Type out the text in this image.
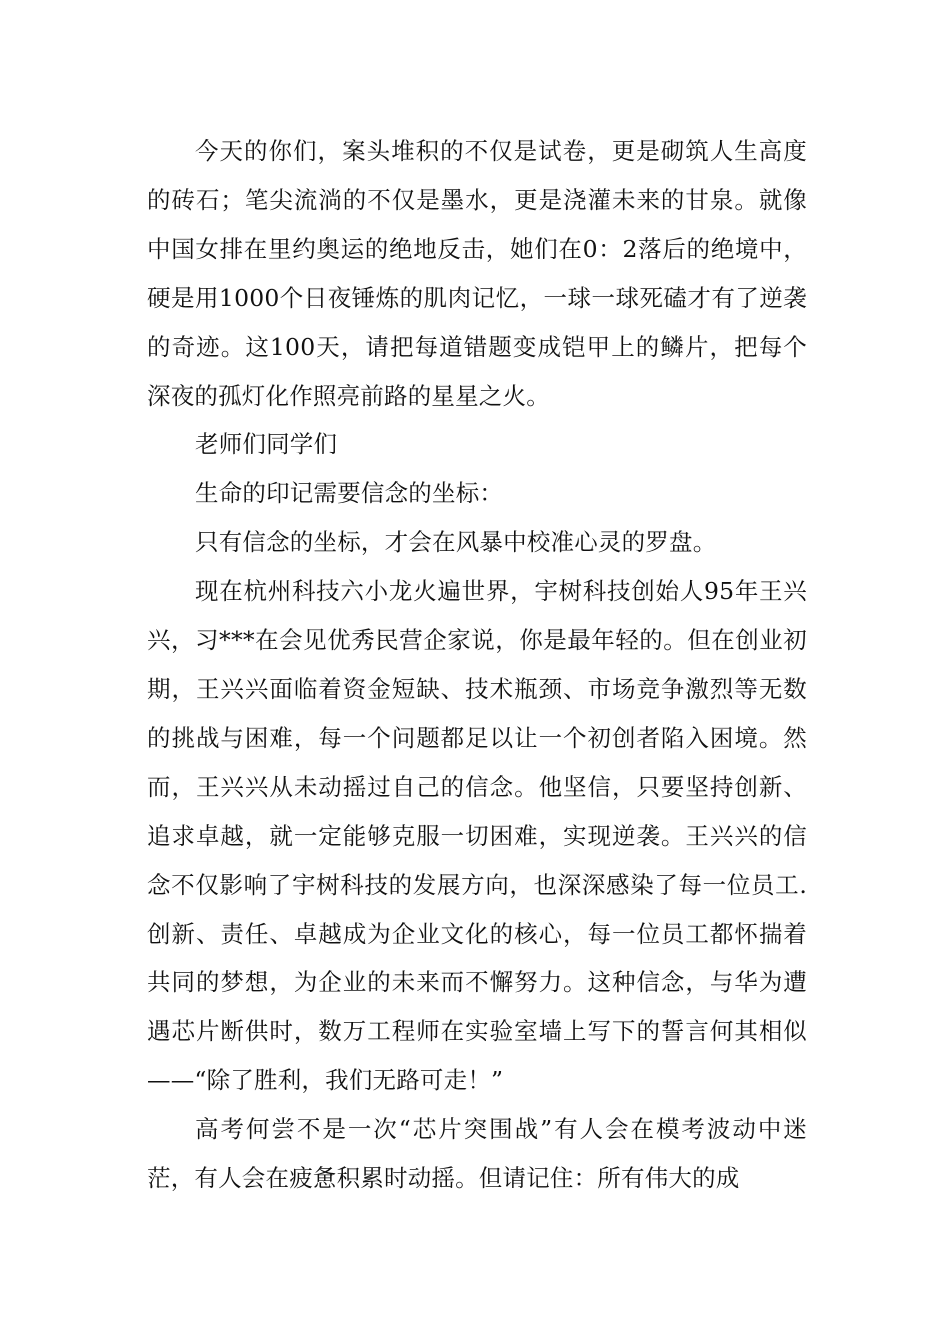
今天的你们，案头堆积的不仅是试卷，更是砌筑人生高度的砖石；笔尖流淌的不仅是墨水，更是浇灌未来的甘泉。就像中国女排在里约奥运的绝地反击，她们在0：2落后的绝境中，硬是用1000个日夜锤炼的肌肉记忆，一球一球死磕才有了逆袭的奇迹。这100天，请把每道错题变成铠甲上的鳞片，把每个深夜的孤灯化作照亮前路的星星之火。

老师们同学们

生命的印记需要信念的坐标：

只有信念的坐标，才会在风暴中校准心灵的罗盘。

现在杭州科技六小龙火遍世界，宇树科技创始人95年王兴兴，习***在会见优秀民营企家说，你是最年轻的。但在创业初期，王兴兴面临着资金短缺、技术瓶颈、市场竞争激烈等无数的挑战与困难，每一个问题都足以让一个初创者陷入困境。然而，王兴兴从未动摇过自己的信念。他坚信，只要坚持创新、追求卓越，就一定能够克服一切困难，实现逆袭。王兴兴的信念不仅影响了宇树科技的发展方向，也深深感染了每一位员工.创新、责任、卓越成为企业文化的核心，每一位员工都怀揣着共同的梦想，为企业的未来而不懈努力。这种信念，与华为遭遇芯片断供时，数万工程师在实验室墙上写下的誓言何其相似——“除了胜利，我们无路可走！”

高考何尝不是一次“芯片突围战”有人会在模考波动中迷茫，有人会在疲惫积累时动摇。但请记住：所有伟大的成
